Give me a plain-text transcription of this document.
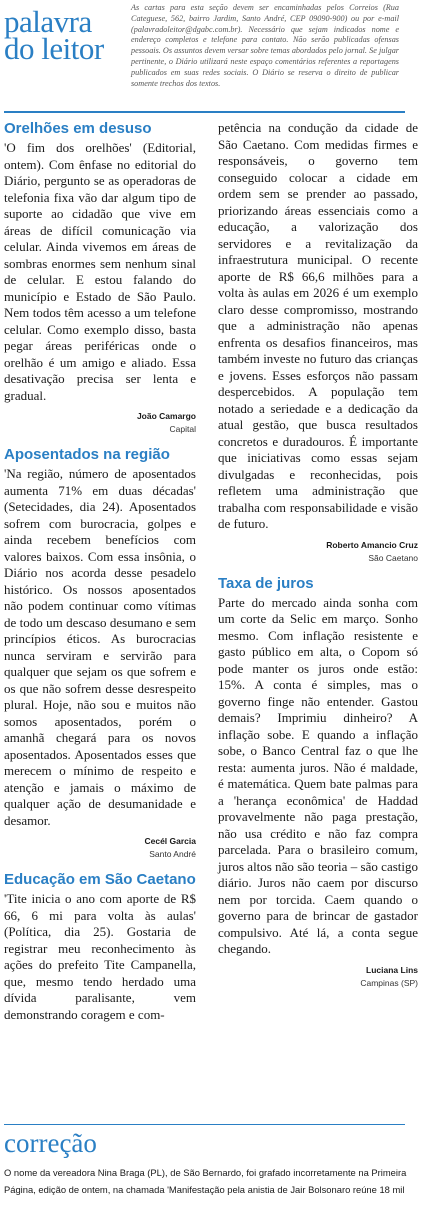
palavra
do leitor
As cartas para esta seção devem ser encaminhadas pelos Correios (Rua Categuese, 562, bairro Jardim, Santo André, CEP 09090-900) ou por e-mail (palavradoleitor@dgabc.com.br). Necessário que sejam indicados nome e endereço completos e telefone para contato. Não serão publicadas ofensas pessoais. Os assuntos devem versar sobre temas abordados pelo jornal. Se julgar pertinente, o Diário utilizará neste espaço comentários referentes a reportagens publicados em suas redes sociais. O Diário se reserva o direito de publicar somente trechos dos textos.
Orelhões em desuso

'O fim dos orelhões' (Editorial, ontem). Com ênfase no editorial do Diário, pergunto se as operadoras de telefonia fixa vão dar algum tipo de suporte ao cidadão que vive em áreas de difícil comunicação via celular. Ainda vivemos em áreas de sombras enormes sem nenhum sinal de celular. E estou falando do município e Estado de São Paulo. Nem todos têm acesso a um telefone celular. Como exemplo disso, basta pegar áreas periféricas onde o orelhão é um amigo e aliado. Essa desativação precisa ser lenta e gradual.

João Camargo
Capital
Aposentados na região

'Na região, número de aposentados aumenta 71% em duas décadas' (Setecidades, dia 24). Aposentados sofrem com burocracia, golpes e ainda recebem benefícios com valores baixos. Com essa insônia, o Diário nos acorda desse pesadelo histórico. Os nossos aposentados não podem continuar como vítimas de todo um descaso desumano e sem princípios éticos. As burocracias nunca serviram e servirão para qualquer que sejam os que sofrem e os que não sofrem desse desrespeito plural. Hoje, não sou e muitos não somos aposentados, porém o amanhã chegará para os novos aposentados. Aposentados esses que merecem o mínimo de respeito e atenção e jamais o máximo de qualquer ação de desumanidade e desamor.

Cecél Garcia
Santo André
Educação em São Caetano

'Tite inicia o ano com aporte de R$ 66, 6 mi para volta às aulas' (Política, dia 25). Gostaria de registrar meu reconhecimento às ações do prefeito Tite Campanella, que, mesmo tendo herdado uma dívida paralisante, vem demonstrando coragem e com-

petência na condução da cidade de São Caetano. Com medidas firmes e responsáveis, o governo tem conseguido colocar a cidade em ordem sem se prender ao passado, priorizando áreas essenciais como a educação, a valorização dos servidores e a revitalização da infraestrutura municipal. O recente aporte de R$ 66,6 milhões para a volta às aulas em 2026 é um exemplo claro desse compromisso, mostrando que a administração não apenas enfrenta os desafios financeiros, mas também investe no futuro das crianças e jovens. Esses esforços não passam despercebidos. A população tem notado a seriedade e a dedicação da atual gestão, que busca resultados concretos e duradouros. É importante que iniciativas como essas sejam divulgadas e reconhecidas, pois refletem uma administração que trabalha com responsabilidade e visão de futuro.

Roberto Amancio Cruz
São Caetano
Taxa de juros

Parte do mercado ainda sonha com um corte da Selic em março. Sonho mesmo. Com inflação resistente e gasto público em alta, o Copom só pode manter os juros onde estão: 15%. A conta é simples, mas o governo finge não entender. Gastou demais? Imprimiu dinheiro? A inflação sobe. E quando a inflação sobe, o Banco Central faz o que lhe resta: aumenta juros. Não é maldade, é matemática. Quem bate palmas para a 'herança econômica' de Haddad provavelmente não paga prestação, não usa crédito e não faz compra parcelada. Para o brasileiro comum, juros altos não são teoria – são castigo diário. Juros não caem por discurso nem por torcida. Caem quando o governo para de brincar de gastador compulsivo. Até lá, a conta segue chegando.

Luciana Lins
Campinas (SP)
correção
O nome da vereadora Nina Braga (PL), de São Bernardo, foi grafado incorretamente na Primeira
Página, edição de ontem, na chamada 'Manifestação pela anistia de Jair Bolsonaro reúne 18 mil
